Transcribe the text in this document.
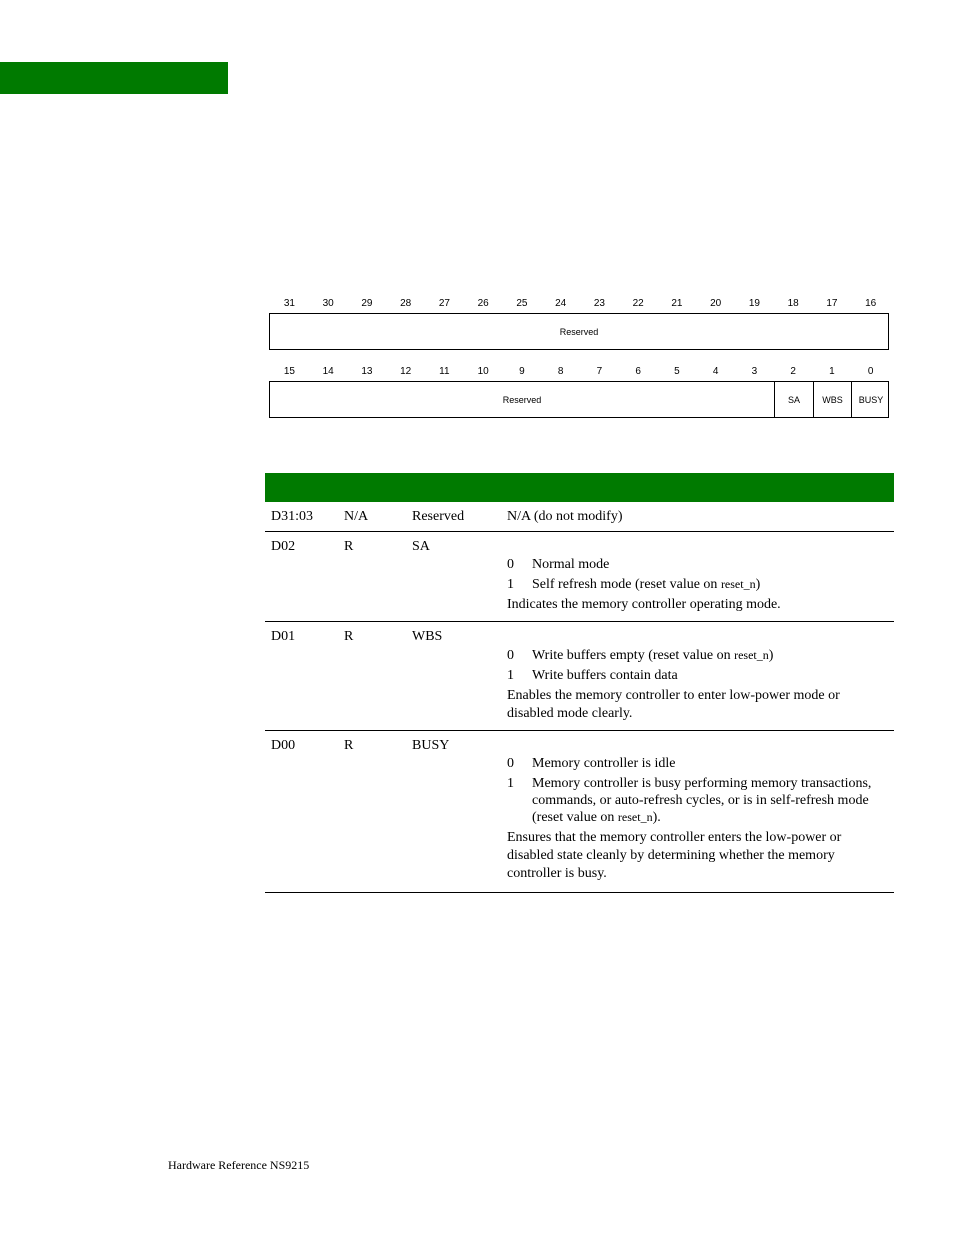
31	30	29	28	27	26	25	24	23	22	21	20	19	18	17	16
Reserved
15	14	13	12	11	10	9	8	7	6	5	4	3	2	1	0
Reserved	SA	WBS	BUSY
D31:03 N/A	Reserved	N/A (do not modify)
D02	R	SA
0	Normal mode
1	Self refresh mode (reset value on reset_n)
Indicates the memory controller operating mode.
D01	R	WBS
0	Write buffers empty (reset value on reset_n)
1	Write buffers contain data
Enables the memory controller to enter low-power mode or
disabled mode clearly.
D00	R	BUSY
0	Memory controller is idle
1	Memory controller is busy performing memory transactions,
commands, or auto-refresh cycles, or is in self-refresh mode
(reset value on reset_n).
Ensures that the memory controller enters the low-power or
disabled state cleanly by determining whether the memory
controller is busy.
Hardware Reference NS9215
